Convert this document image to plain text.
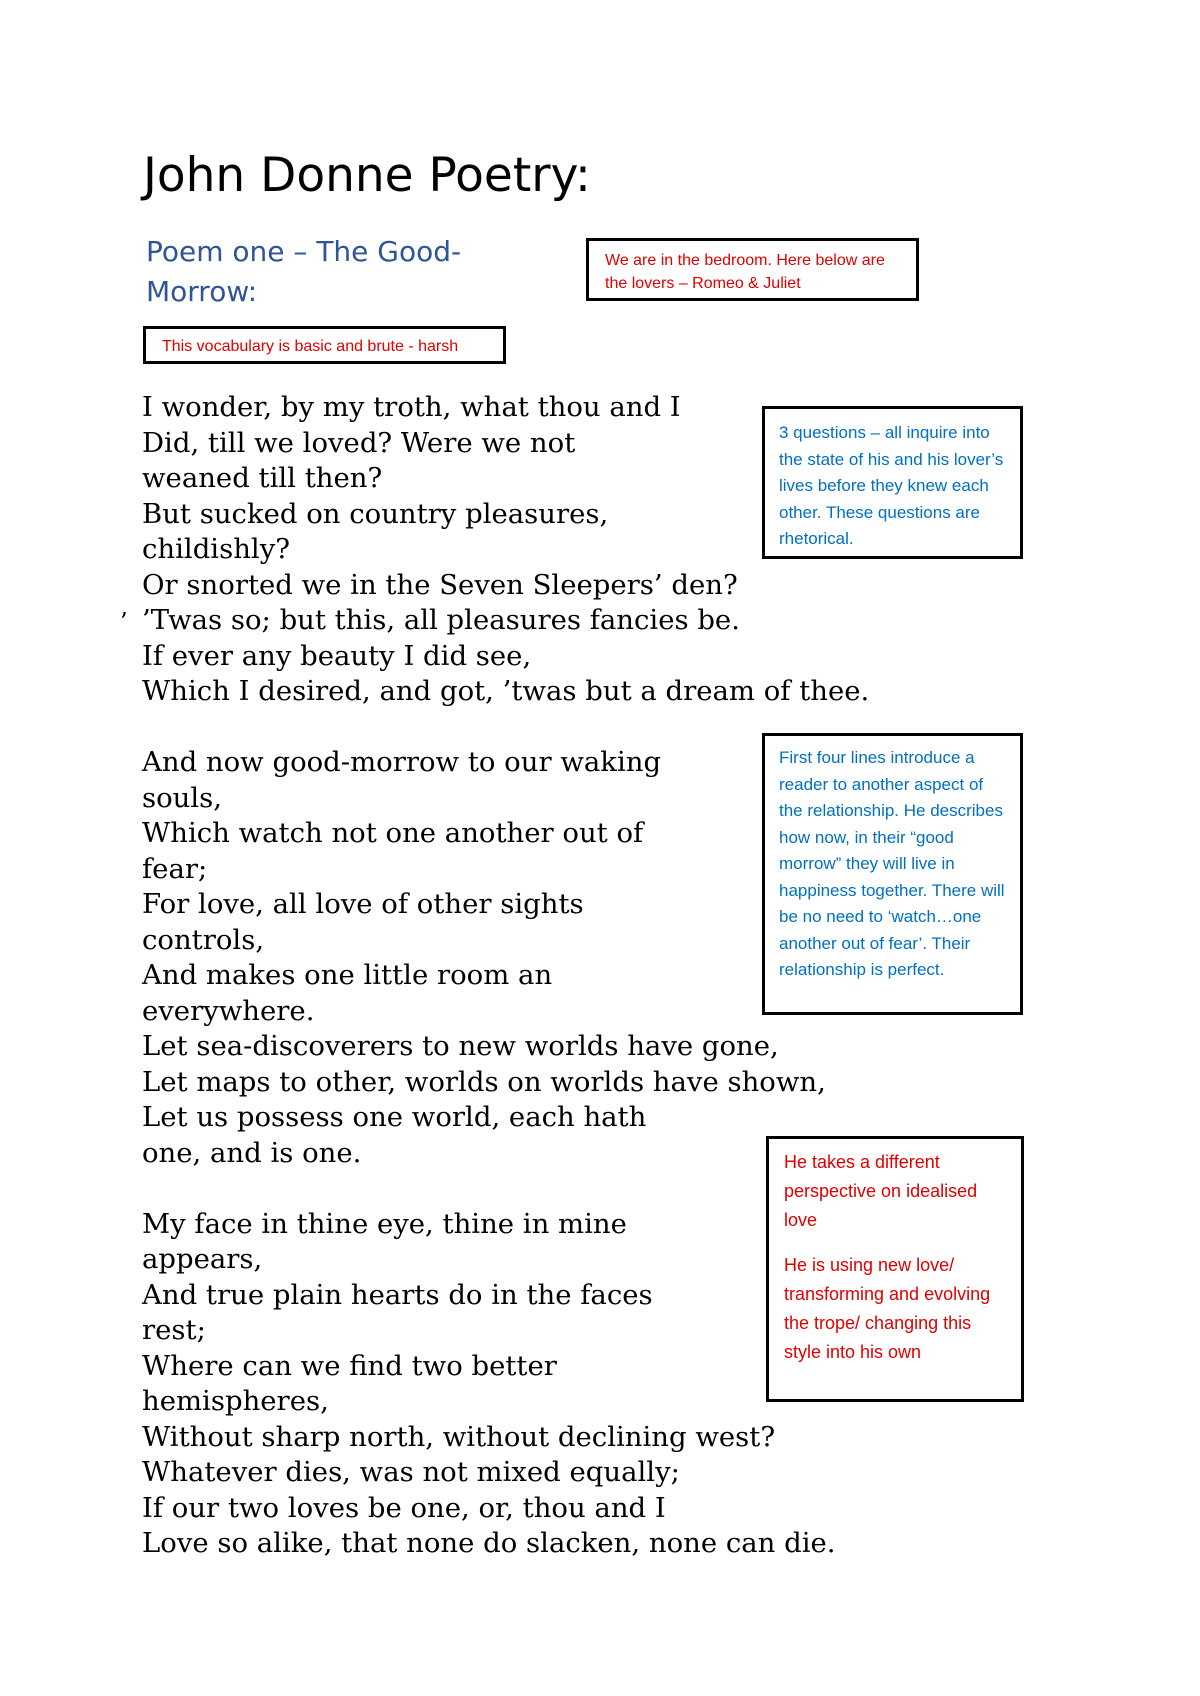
John Donne Poetry:
Poem one – The Good-Morrow:

We are in the bedroom. Here below are the lovers – Romeo & Juliet

This vocabulary is basic and brute - harsh

3 questions – all inquire into the state of his and his lover’s lives before they knew each other. These questions are rhetorical.

First four lines introduce a reader to another aspect of the relationship. He describes how now, in their “good morrow” they will live in happiness together. There will be no need to ‘watch…one another out of fear’. Their relationship is perfect.

He takes a different perspective on idealised love

He is using new love/ transforming and evolving the trope/ changing this style into his own

’

I wonder, by my troth, what thou and I

Did, till we loved? Were we not

weaned till then?

But sucked on country pleasures,

childishly?

Or snorted we in the Seven Sleepers’ den?

’Twas so; but this, all pleasures fancies be.

If ever any beauty I did see,

Which I desired, and got, ’twas but a dream of thee.

And now good-morrow to our waking

souls,

Which watch not one another out of

fear;

For love, all love of other sights

controls,

And makes one little room an

everywhere.

Let sea-discoverers to new worlds have gone,

Let maps to other, worlds on worlds have shown,

Let us possess one world, each hath

one, and is one.

My face in thine eye, thine in mine

appears,

And true plain hearts do in the faces

rest;

Where can we find two better

hemispheres,

Without sharp north, without declining west?

Whatever dies, was not mixed equally;

If our two loves be one, or, thou and I

Love so alike, that none do slacken, none can die.
